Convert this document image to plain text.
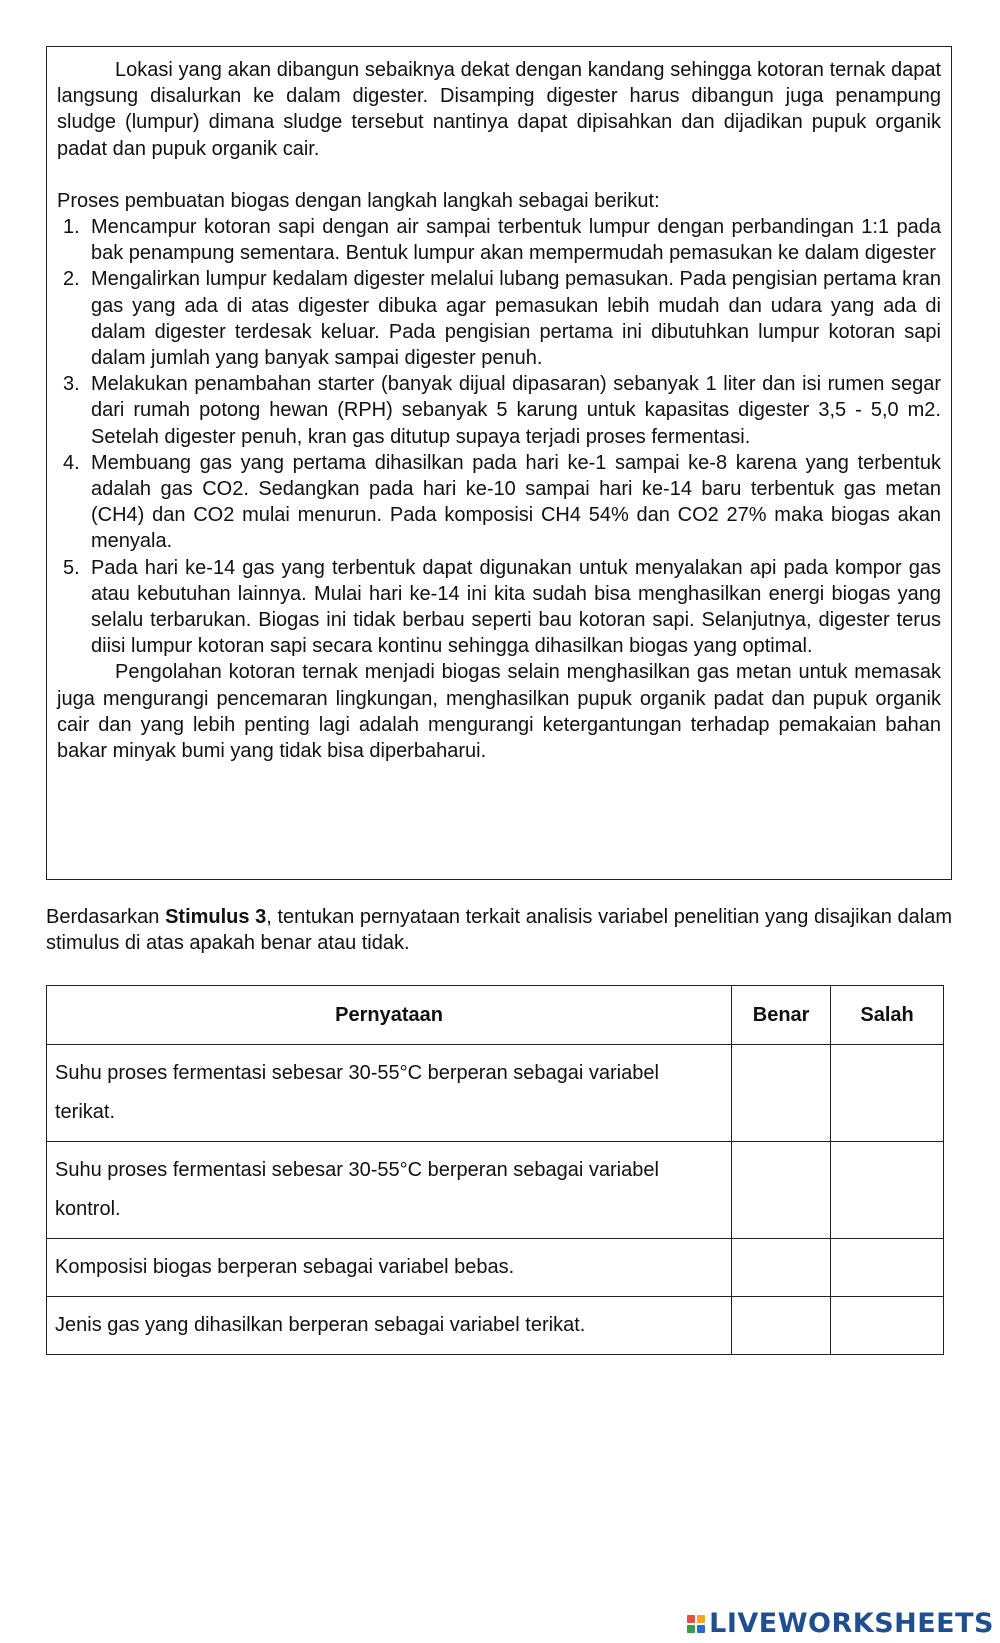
Lokasi yang akan dibangun sebaiknya dekat dengan kandang sehingga kotoran ternak dapat langsung disalurkan ke dalam digester. Disamping digester harus dibangun juga penampung sludge (lumpur) dimana sludge tersebut nantinya dapat dipisahkan dan dijadikan pupuk organik padat dan pupuk organik cair.

Proses pembuatan biogas dengan langkah langkah sebagai berikut:

1. Mencampur kotoran sapi dengan air sampai terbentuk lumpur dengan perbandingan 1:1 pada bak penampung sementara. Bentuk lumpur akan mempermudah pemasukan ke dalam digester
2. Mengalirkan lumpur kedalam digester melalui lubang pemasukan. Pada pengisian pertama kran gas yang ada di atas digester dibuka agar pemasukan lebih mudah dan udara yang ada di dalam digester terdesak keluar. Pada pengisian pertama ini dibutuhkan lumpur kotoran sapi dalam jumlah yang banyak sampai digester penuh.
3. Melakukan penambahan starter (banyak dijual dipasaran) sebanyak 1 liter dan isi rumen segar dari rumah potong hewan (RPH) sebanyak 5 karung untuk kapasitas digester 3,5 - 5,0 m2. Setelah digester penuh, kran gas ditutup supaya terjadi proses fermentasi.
4. Membuang gas yang pertama dihasilkan pada hari ke-1 sampai ke-8 karena yang terbentuk adalah gas CO2. Sedangkan pada hari ke-10 sampai hari ke-14 baru terbentuk gas metan (CH4) dan CO2 mulai menurun. Pada komposisi CH4 54% dan CO2 27% maka biogas akan menyala.
5. Pada hari ke-14 gas yang terbentuk dapat digunakan untuk menyalakan api pada kompor gas atau kebutuhan lainnya. Mulai hari ke-14 ini kita sudah bisa menghasilkan energi biogas yang selalu terbarukan. Biogas ini tidak berbau seperti bau kotoran sapi. Selanjutnya, digester terus diisi lumpur kotoran sapi secara kontinu sehingga dihasilkan biogas yang optimal.

Pengolahan kotoran ternak menjadi biogas selain menghasilkan gas metan untuk memasak juga mengurangi pencemaran lingkungan, menghasilkan pupuk organik padat dan pupuk organik cair dan yang lebih penting lagi adalah mengurangi ketergantungan terhadap pemakaian bahan bakar minyak bumi yang tidak bisa diperbaharui.

Berdasarkan Stimulus 3, tentukan pernyataan terkait analisis variabel penelitian yang disajikan dalam stimulus di atas apakah benar atau tidak.

Pernyataan	Benar	Salah
Suhu proses fermentasi sebesar 30-55°C berperan sebagai variabel terikat.		
Suhu proses fermentasi sebesar 30-55°C berperan sebagai variabel kontrol.		
Komposisi biogas berperan sebagai variabel bebas.		
Jenis gas yang dihasilkan berperan sebagai variabel terikat.		
LIVEWORKSHEETS
